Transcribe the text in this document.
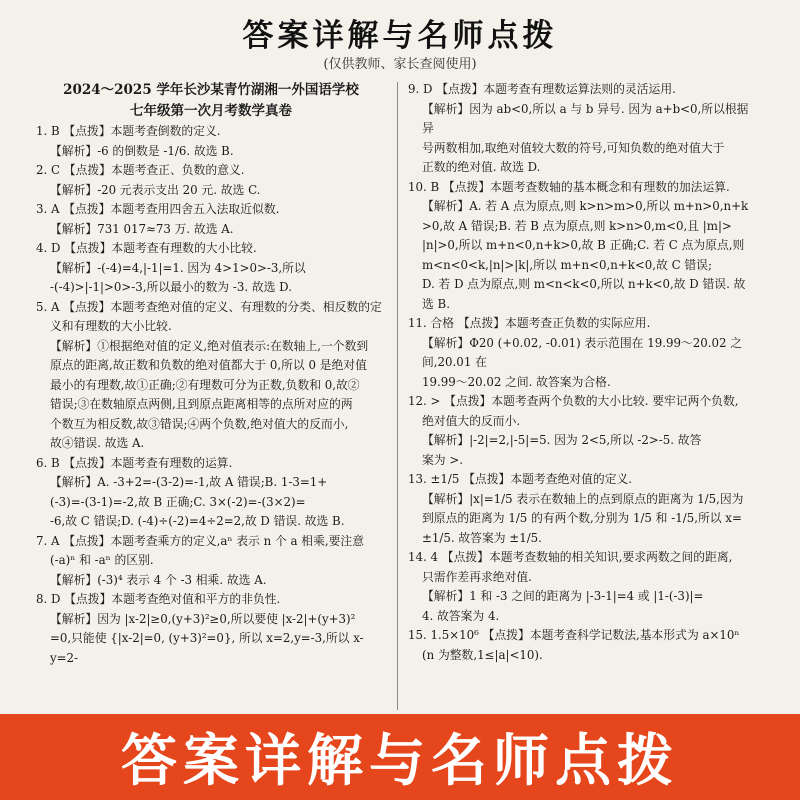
答案详解与名师点拨
(仅供教师、家长查阅使用)
2024～2025 学年长沙某青竹湖湘一外国语学校
七年级第一次月考数学真卷

1. B 【点拨】本题考查倒数的定义.

【解析】-6 的倒数是 -1/6. 故选 B.

2. C 【点拨】本题考查正、负数的意义.

【解析】-20 元表示支出 20 元. 故选 C.

3. A 【点拨】本题考查用四舍五入法取近似数.

【解析】731 017≈73 万. 故选 A.

4. D 【点拨】本题考查有理数的大小比较.

【解析】-(-4)=4,|-1|=1. 因为 4>1>0>-3,所以

-(-4)>|-1|>0>-3,所以最小的数为 -3. 故选 D.

5. A 【点拨】本题考查绝对值的定义、有理数的分类、相反数的定

义和有理数的大小比较.

【解析】①根据绝对值的定义,绝对值表示:在数轴上,一个数到

原点的距离,故正数和负数的绝对值都大于 0,所以 0 是绝对值

最小的有理数,故①正确;②有理数可分为正数,负数和 0,故②

错误;③在数轴原点两侧,且到原点距离相等的点所对应的两

个数互为相反数,故③错误;④两个负数,绝对值大的反而小,

故④错误. 故选 A.

6. B 【点拨】本题考查有理数的运算.

【解析】A. -3+2=-(3-2)=-1,故 A 错误;B. 1-3=1+

(-3)=-(3-1)=-2,故 B 正确;C. 3×(-2)=-(3×2)=

-6,故 C 错误;D. (-4)÷(-2)=4÷2=2,故 D 错误. 故选 B.

7. A 【点拨】本题考查乘方的定义,aⁿ 表示 n 个 a 相乘,要注意

(-a)ⁿ 和 -aⁿ 的区别.

【解析】(-3)⁴ 表示 4 个 -3 相乘. 故选 A.

8. D 【点拨】本题考查绝对值和平方的非负性.

【解析】因为 |x-2|≥0,(y+3)²≥0,所以要使 |x-2|+(y+3)²

=0,只能使 {|x-2|=0, (y+3)²=0}, 所以 x=2,y=-3,所以 x-y=2-

9. D 【点拨】本题考查有理数运算法则的灵活运用.

【解析】因为 ab<0,所以 a 与 b 异号. 因为 a+b<0,所以根据异

号两数相加,取绝对值较大数的符号,可知负数的绝对值大于

正数的绝对值. 故选 D.

10. B 【点拨】本题考查数轴的基本概念和有理数的加法运算.

【解析】A. 若 A 点为原点,则 k>n>m>0,所以 m+n>0,n+k

>0,故 A 错误;B. 若 B 点为原点,则 k>n>0,m<0,且 |m|>

|n|>0,所以 m+n<0,n+k>0,故 B 正确;C. 若 C 点为原点,则

m<n<0<k,|n|>|k|,所以 m+n<0,n+k<0,故 C 错误;

D. 若 D 点为原点,则 m<n<k<0,所以 n+k<0,故 D 错误. 故

选 B.

11. 合格 【点拨】本题考查正负数的实际应用.

【解析】Φ20 (+0.02, -0.01) 表示范围在 19.99～20.02 之间,20.01 在

19.99～20.02 之间. 故答案为合格.

12. > 【点拨】本题考查两个负数的大小比较. 要牢记两个负数,

绝对值大的反而小.

【解析】|-2|=2,|-5|=5. 因为 2<5,所以 -2>-5. 故答

案为 >.

13. ±1/5 【点拨】本题考查绝对值的定义.

【解析】|x|=1/5 表示在数轴上的点到原点的距离为 1/5,因为

到原点的距离为 1/5 的有两个数,分别为 1/5 和 -1/5,所以 x=

±1/5. 故答案为 ±1/5.

14. 4 【点拨】本题考查数轴的相关知识,要求两数之间的距离,

只需作差再求绝对值.

【解析】1 和 -3 之间的距离为 |-3-1|=4 或 |1-(-3)|=

4. 故答案为 4.

15. 1.5×10⁶ 【点拨】本题考查科学记数法,基本形式为 a×10ⁿ

(n 为整数,1≤|a|<10).

答案详解与名师点拨
